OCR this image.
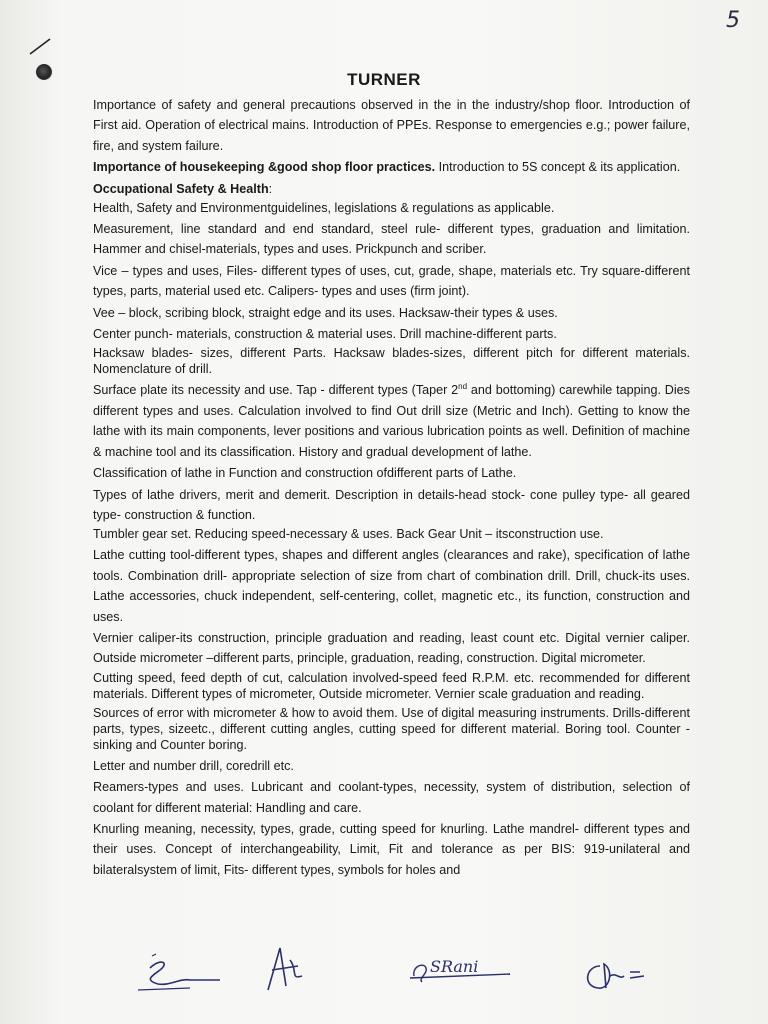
5
TURNER

Importance of safety and general precautions observed in the in the industry/shop floor. Introduction of First aid. Operation of electrical mains. Introduction of PPEs. Response to emergencies e.g.; power failure, fire, and system failure.

Importance of housekeeping &good shop floor practices. Introduction to 5S concept & its application.

Occupational Safety & Health:

Health, Safety and Environmentguidelines, legislations & regulations as applicable.

Measurement, line standard and end standard, steel rule- different types, graduation and limitation. Hammer and chisel-materials, types and uses. Prickpunch and scriber.

Vice – types and uses, Files- different types of uses, cut, grade, shape, materials etc. Try square-different types, parts, material used etc. Calipers- types and uses (firm joint).

Vee – block, scribing block, straight edge and its uses. Hacksaw-their types & uses.

Center punch- materials, construction & material uses. Drill machine-different parts.

Hacksaw blades- sizes, different Parts. Hacksaw blades-sizes, different pitch for different materials. Nomenclature of drill.

Surface plate its necessity and use. Tap - different types (Taper 2nd and bottoming) carewhile tapping. Dies different types and uses. Calculation involved to find Out drill size (Metric and Inch). Getting to know the lathe with its main components, lever positions and various lubrication points as well. Definition of machine & machine tool and its classification. History and gradual development of lathe.

Classification of lathe in Function and construction ofdifferent parts of Lathe.

Types of lathe drivers, merit and demerit. Description in details-head stock- cone pulley type- all geared type- construction & function.

Tumbler gear set. Reducing speed-necessary & uses. Back Gear Unit – itsconstruction use.

Lathe cutting tool-different types, shapes and different angles (clearances and rake), specification of lathe tools. Combination drill- appropriate selection of size from chart of combination drill. Drill, chuck-its uses. Lathe accessories, chuck independent, self-centering, collet, magnetic etc., its function, construction and uses.

Vernier caliper-its construction, principle graduation and reading, least count etc. Digital vernier caliper. Outside micrometer –different parts, principle, graduation, reading, construction. Digital micrometer.

Cutting speed, feed depth of cut, calculation involved-speed feed R.P.M. etc. recommended for different materials. Different types of micrometer, Outside micrometer. Vernier scale graduation and reading.

Sources of error with micrometer & how to avoid them. Use of digital measuring instruments. Drills-different parts, types, sizeetc., different cutting angles, cutting speed for different material. Boring tool. Counter -sinking and Counter boring.

Letter and number drill, coredrill etc.

Reamers-types and uses. Lubricant and coolant-types, necessity, system of distribution, selection of coolant for different material: Handling and care.

Knurling meaning, necessity, types, grade, cutting speed for knurling. Lathe mandrel- different types and their uses. Concept of interchangeability, Limit, Fit and tolerance as per BIS: 919-unilateral and bilateralsystem of limit, Fits- different types, symbols for holes and

SRani
